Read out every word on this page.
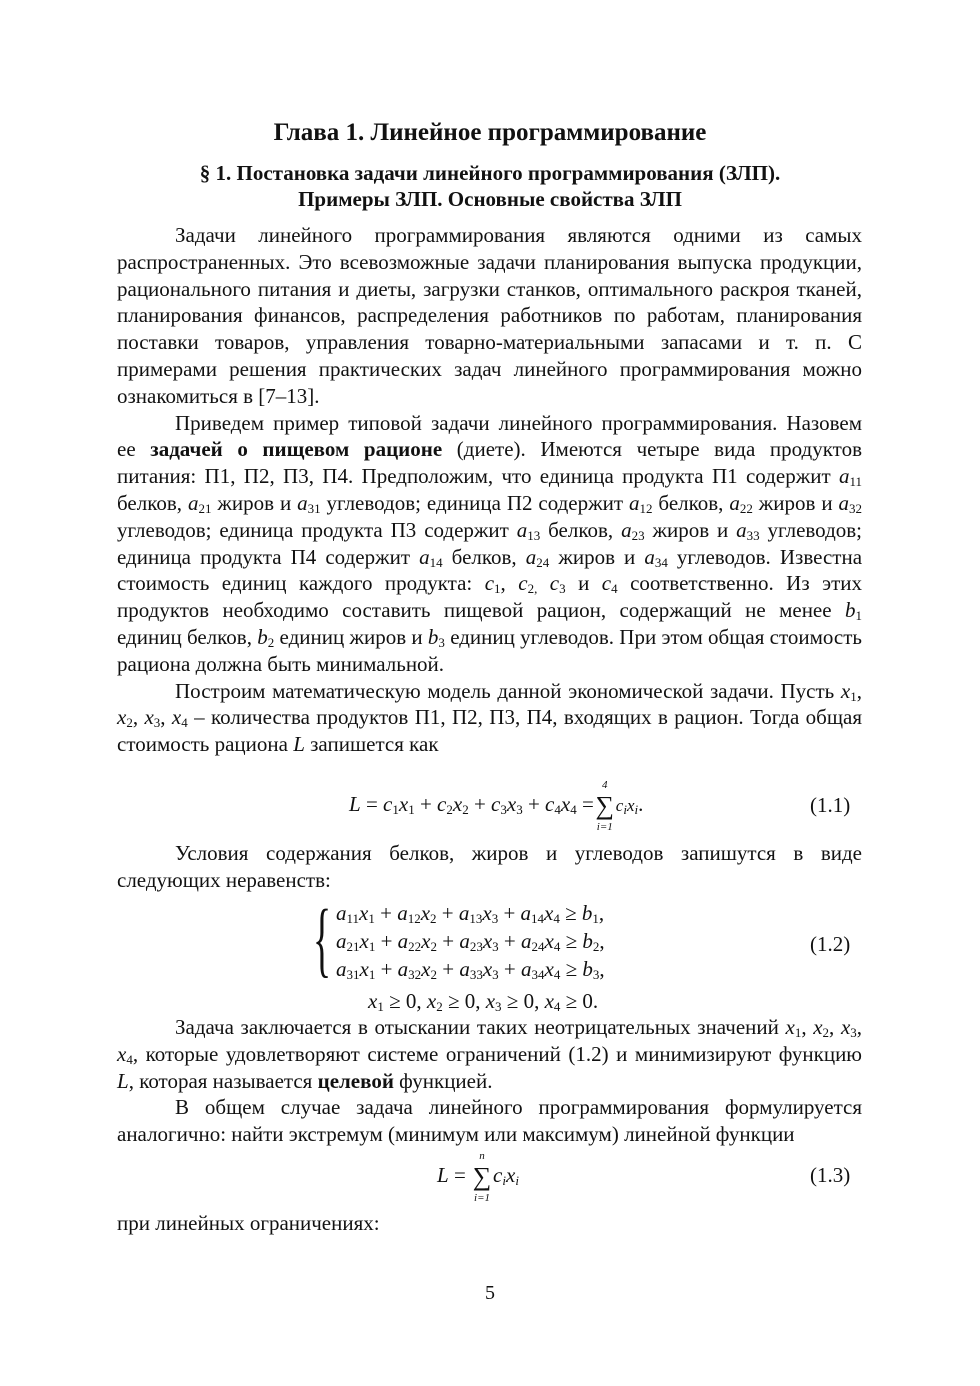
Глава 1. Линейное программирование
§ 1. Постановка задачи линейного программирования (ЗЛП).
Примеры ЗЛП. Основные свойства ЗЛП

Задачи линейного программирования являются одними из самых распространенных. Это всевозможные задачи планирования выпуска продукции, рационального питания и диеты, загрузки станков, оптимального раскроя тканей, планирования финансов, распределения работников по работам, планирования поставки товаров, управления товарно-материальными запасами и т. п. С примерами решения практических задач линейного программирования можно ознакомиться в [7–13].

Приведем пример типовой задачи линейного программирования. Назовем ее задачей о пищевом рационе (диете). Имеются четыре вида продуктов питания: П1, П2, П3, П4. Предположим, что единица продукта П1 содержит $a_{11}$ белков, $a_{21}$ жиров и $a_{31}$ углеводов; единица П2 содержит $a_{12}$ белков, $a_{22}$ жиров и $a_{32}$ углеводов; единица продукта П3 содержит $a_{13}$ белков, $a_{23}$ жиров и $a_{33}$ углеводов; единица продукта П4 содержит $a_{14}$ белков, $a_{24}$ жиров и $a_{34}$ углеводов. Известна стоимость единиц каждого продукта: $c_1$, $c_{2,}$ $c_3$ и $c_4$ соответственно. Из этих продуктов необходимо составить пищевой рацион, содержащий не менее $b_1$ единиц белков, $b_2$ единиц жиров и $b_3$ единиц углеводов. При этом общая стоимость рациона должна быть минимальной.

Построим математическую модель данной экономической задачи. Пусть $x_1$, $x_2$, $x_3$, $x_4$ – количества продуктов П1, П2, П3, П4, входящих в рацион. Тогда общая стоимость рациона L запишется как

$L = c_1x_1 + c_2x_2 + c_3x_3 + c_4x_4$ =∑
4
i=1
$c_ix_i$.	(1.1)

Условия содержания белков, жиров и углеводов запишутся в виде следующих неравенств:

{ $a_{11}x_1 + a_{12}x_2 + a_{13}x_3 + a_{14}x_4 \ge b_1$,
$a_{21}x_1 + a_{22}x_2 + a_{23}x_3 + a_{24}x_4 \ge b_2$,
$a_{31}x_1 + a_{32}x_2 + a_{33}x_3 + a_{34}x_4 \ge b_3$,
(1.2)
$x_1 \ge 0$, $x_2 \ge 0$, $x_3 \ge 0$, $x_4 \ge 0$.

Задача заключается в отыскании таких неотрицательных значений $x_1$, $x_2$, $x_3$, $x_4$, которые удовлетворяют системе ограничений (1.2) и минимизируют функцию L, которая называется целевой функцией.

В общем случае задача линейного программирования формулируется аналогично: найти экстремум (минимум или максимум) линейной функции

L = ∑
n
i=1
$c_ix_i$	(1.3)

при линейных ограничениях:

5
